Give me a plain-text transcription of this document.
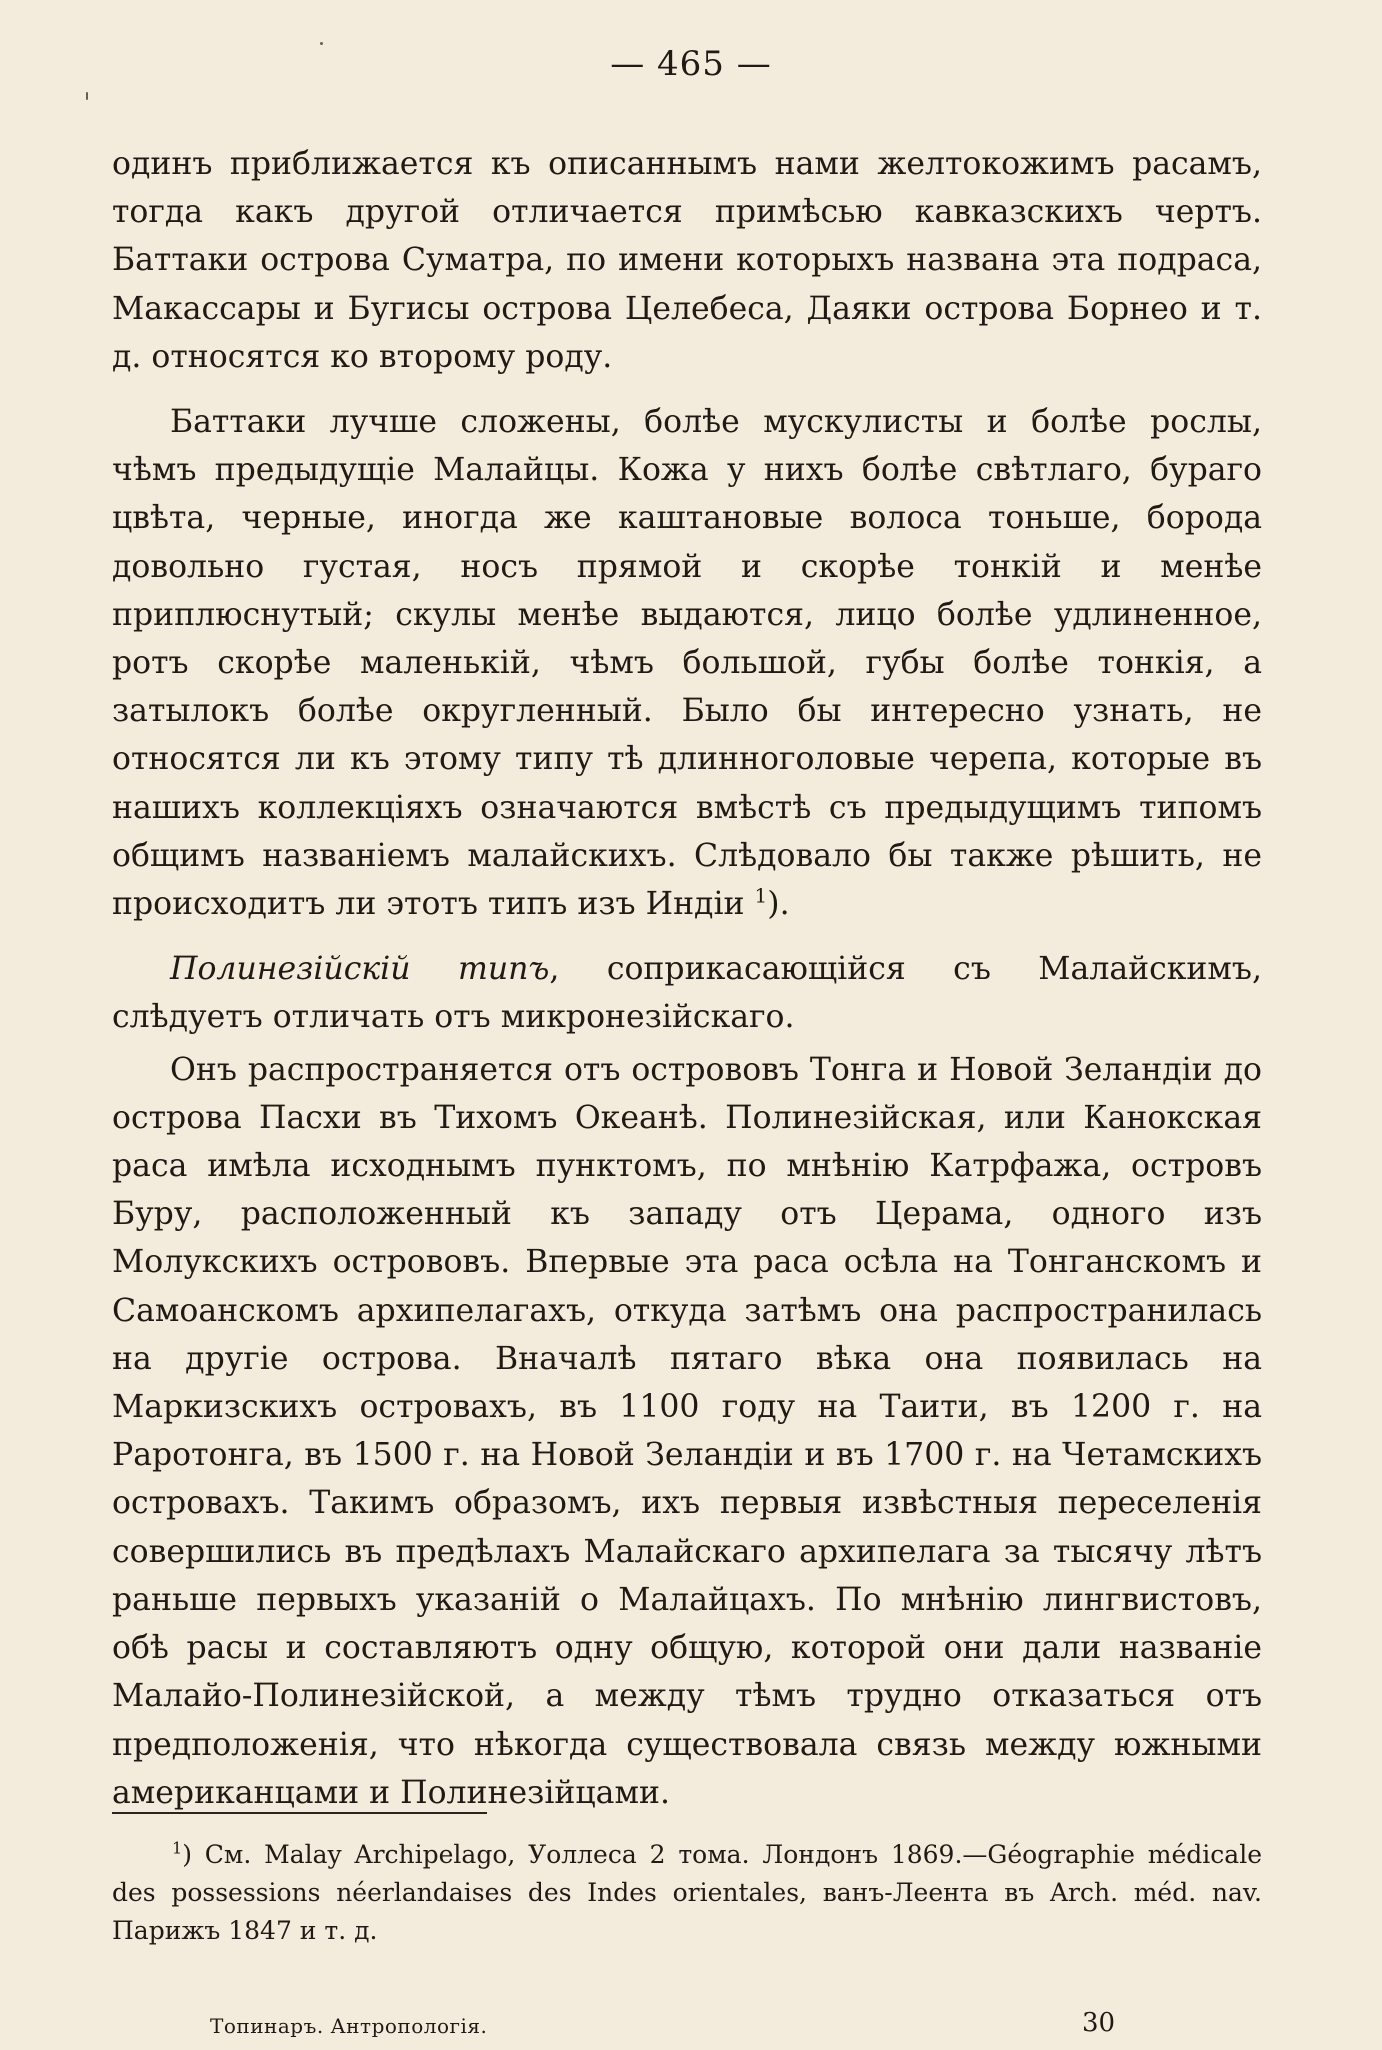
— 465 —

одинъ приближается къ описаннымъ нами желтокожимъ расамъ, тогда какъ другой отличается примѣсью кавказскихъ чертъ. Баттаки острова Суматра, по имени которыхъ названа эта подраса, Макассары и Бугисы острова Целебеса, Даяки острова Борнео и т. д. относятся ко второму роду.

Баттаки лучше сложены, болѣе мускулисты и болѣе рослы, чѣмъ предыдущіе Малайцы. Кожа у нихъ болѣе свѣтлаго, бураго цвѣта, черные, иногда же каштановые волоса тоньше, борода довольно густая, носъ прямой и скорѣе тонкій и менѣе приплюснутый; скулы менѣе выдаются, лицо болѣе удлиненное, ротъ скорѣе маленькій, чѣмъ большой, губы болѣе тонкія, а затылокъ болѣе округленный. Было бы интересно узнать, не относятся ли къ этому типу тѣ длинноголовые черепа, которые въ нашихъ коллекціяхъ означаются вмѣстѣ съ предыдущимъ типомъ общимъ названіемъ малайскихъ. Слѣдовало бы также рѣшить, не происходитъ ли этотъ типъ изъ Индіи $^1$).

Полинезійскій типъ, соприкасающійся съ Малайскимъ, слѣдуетъ отличать отъ микронезійскаго.

Онъ распространяется отъ острововъ Тонга и Новой Зеландіи до острова Пасхи въ Тихомъ Океанѣ. Полинезійская, или Канокская раса имѣла исходнымъ пунктомъ, по мнѣнію Катрфажа, островъ Буру, расположенный къ западу отъ Церама, одного изъ Молукскихъ острововъ. Впервые эта раса осѣла на Тонганскомъ и Самоанскомъ архипелагахъ, откуда затѣмъ она распространилась на другіе острова. Вначалѣ пятаго вѣка она появилась на Маркизскихъ островахъ, въ 1100 году на Таити, въ 1200 г. на Раротонга, въ 1500 г. на Новой Зеландіи и въ 1700 г. на Четамскихъ островахъ. Такимъ образомъ, ихъ первыя извѣстныя переселенія совершились въ предѣлахъ Малайскаго архипелага за тысячу лѣтъ раньше первыхъ указаній о Малайцахъ. По мнѣнію лингвистовъ, обѣ расы и составляютъ одну общую, которой они дали названіе Малайо-Полинезійской, а между тѣмъ трудно отказаться отъ предположенія, что нѣкогда существовала связь между южными американцами и Полинезійцами.

$^1$) См. Malay Archipelago, Уоллеса 2 тома. Лондонъ 1869.—Géographie médicale des possessions néerlandaises des Indes orientales, ванъ-Леента въ Arch. méd. nav. Парижъ 1847 и т. д.
Топинаръ. Антропологія.	30
